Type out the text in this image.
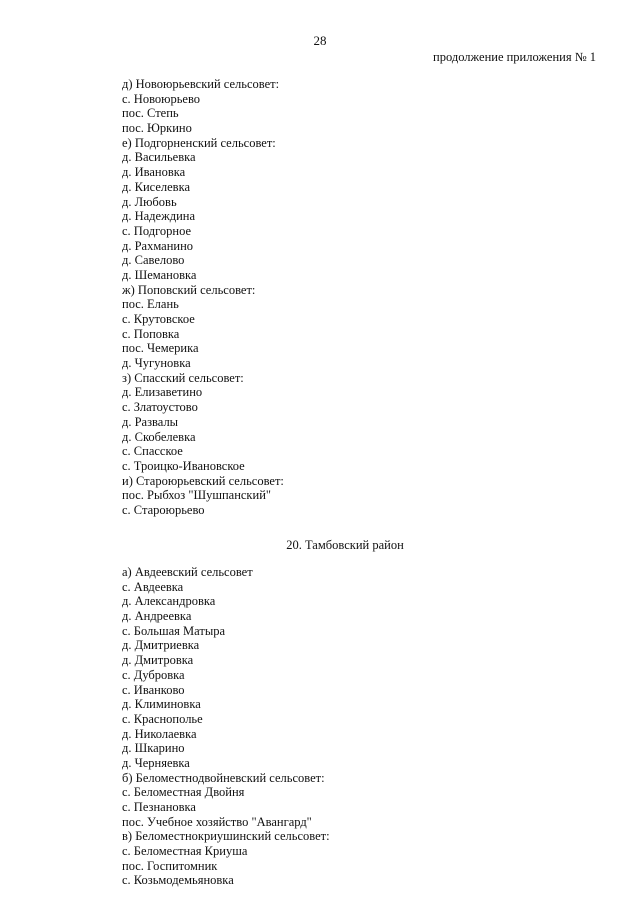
28
продолжение приложения № 1
д) Новоюрьевский сельсовет:
с. Новоюрьево
пос. Степь
пос. Юркино
е) Подгорненский сельсовет:
д. Васильевка
д. Ивановка
д. Киселевка
д. Любовь
д. Надеждина
с. Подгорное
д. Рахманино
д. Савелово
д. Шемановка
ж) Поповский сельсовет:
пос. Елань
с. Крутовское
с. Поповка
пос. Чемерика
д. Чугуновка
з) Спасский сельсовет:
д. Елизаветино
с. Златоустово
д. Развалы
д. Скобелевка
с. Спасское
с. Троицко-Ивановское
и) Староюрьевский сельсовет:
пос. Рыбхоз "Шушпанский"
с. Староюрьево
20. Тамбовский район
а) Авдеевский сельсовет
с. Авдеевка
д. Александровка
д. Андреевка
с. Большая Матыра
д. Дмитриевка
д. Дмитровка
с. Дубровка
с. Иванково
д. Климиновка
с. Краснополье
д. Николаевка
д. Шкарино
д. Черняевка
б) Беломестнодвойневский сельсовет:
с. Беломестная Двойня
с. Пезнановка
пос. Учебное хозяйство "Авангард"
в) Беломестнокриушинский сельсовет:
с. Беломестная Криуша
пос. Госпитомник
с. Козьмодемьяновка
